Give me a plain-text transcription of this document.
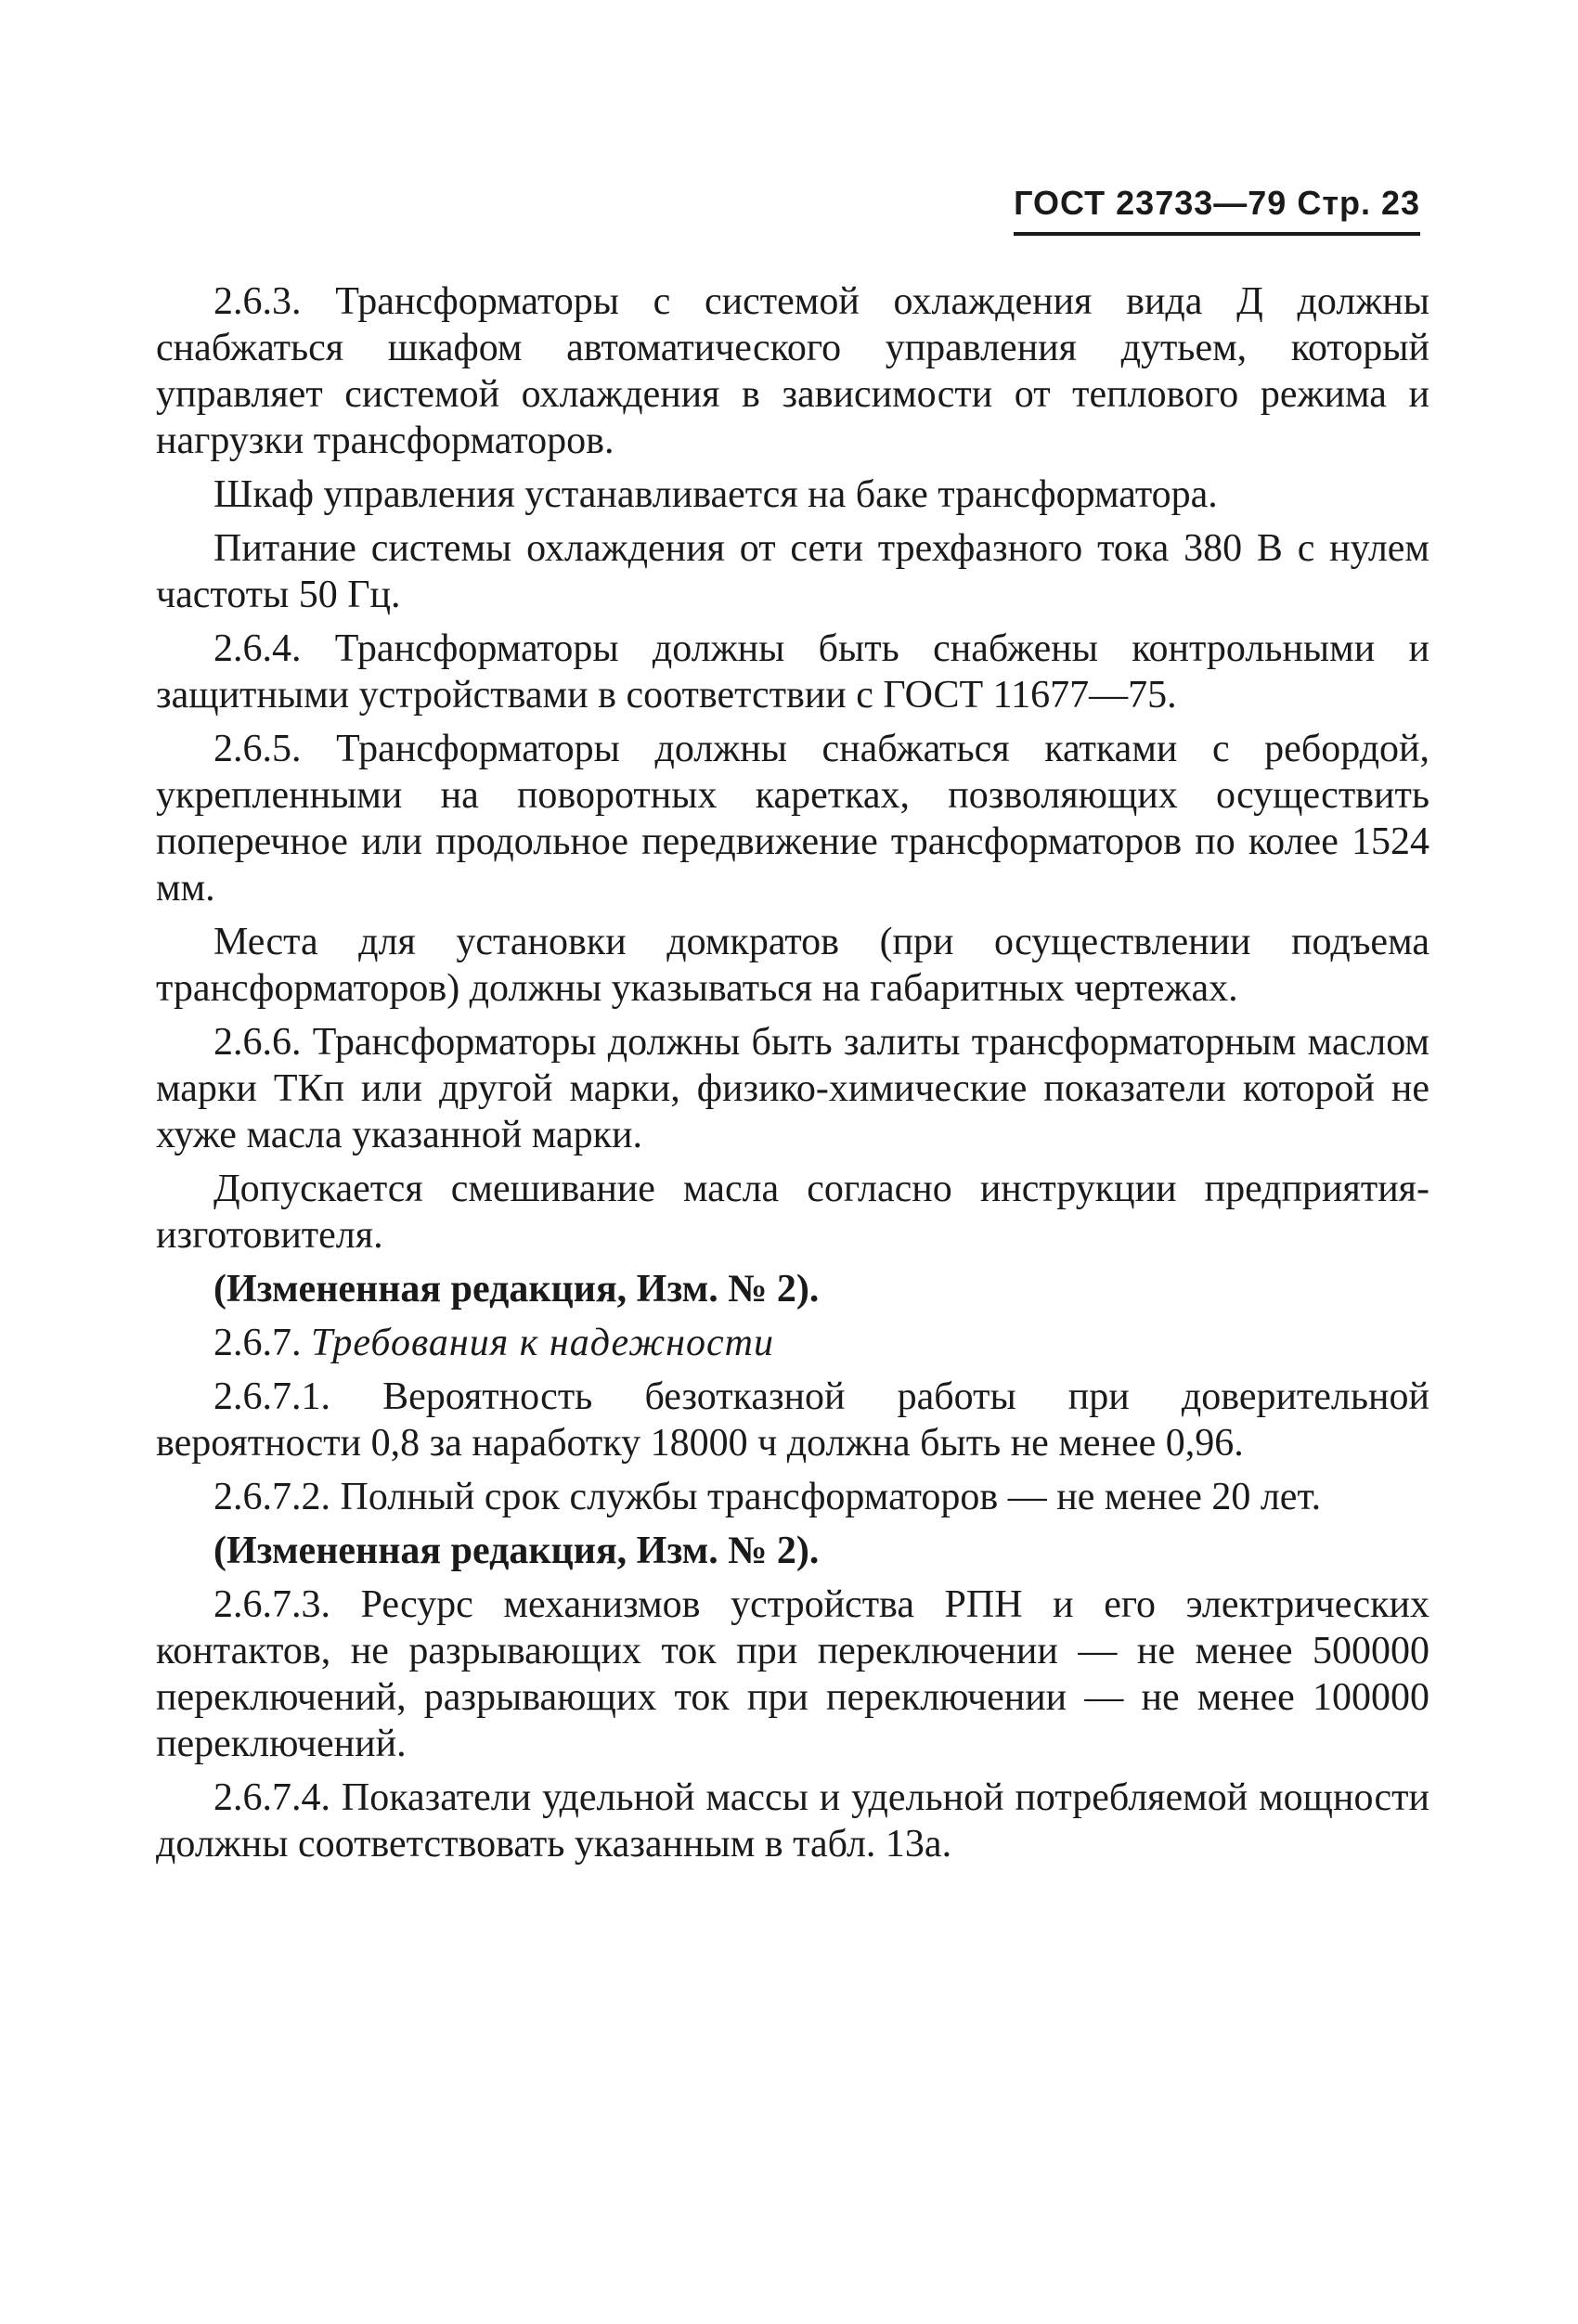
ГОСТ 23733—79 Стр. 23

2.6.3. Трансформаторы с системой охлаждения вида Д должны снабжаться шкафом автоматического управления дутьем, который управляет системой охлаждения в зависимости от теплового режима и нагрузки трансформаторов.

Шкаф управления устанавливается на баке трансформатора.

Питание системы охлаждения от сети трехфазного тока 380 В с нулем частоты 50 Гц.

2.6.4. Трансформаторы должны быть снабжены контрольными и защитными устройствами в соответствии с ГОСТ 11677—75.

2.6.5. Трансформаторы должны снабжаться катками с ребордой, укрепленными на поворотных каретках, позволяющих осуществить поперечное или продольное передвижение трансформаторов по колее 1524 мм.

Места для установки домкратов (при осуществлении подъема трансформаторов) должны указываться на габаритных чертежах.

2.6.6. Трансформаторы должны быть залиты трансформаторным маслом марки ТКп или другой марки, физико-химические показатели которой не хуже масла указанной марки.

Допускается смешивание масла согласно инструкции предприятия-изготовителя.

(Измененная редакция, Изм. № 2).

2.6.7. Требования к надежности

2.6.7.1. Вероятность безотказной работы при доверительной вероятности 0,8 за наработку 18000 ч должна быть не менее 0,96.

2.6.7.2. Полный срок службы трансформаторов — не менее 20 лет.

(Измененная редакция, Изм. № 2).

2.6.7.3. Ресурс механизмов устройства РПН и его электрических контактов, не разрывающих ток при переключении — не менее 500000 переключений, разрывающих ток при переключении — не менее 100000 переключений.

2.6.7.4. Показатели удельной массы и удельной потребляемой мощности должны соответствовать указанным в табл. 13а.
